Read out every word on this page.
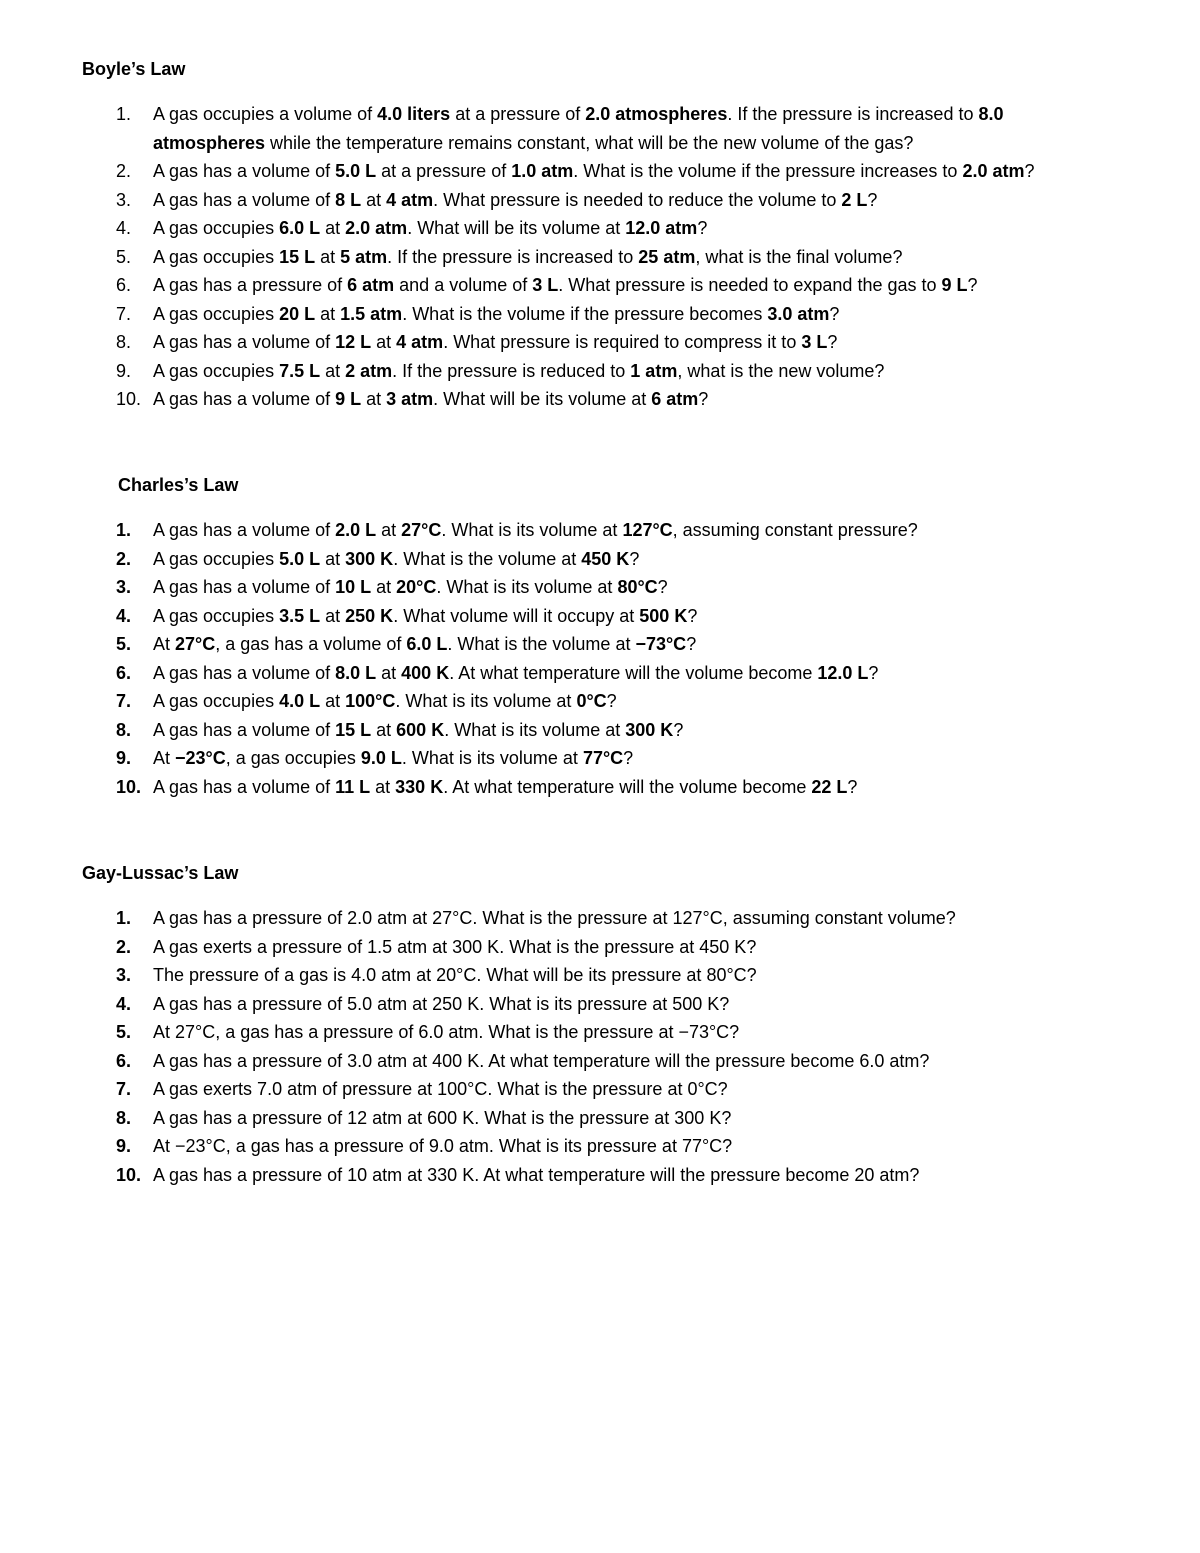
Boyle’s Law
1.	A gas occupies a volume of 4.0 liters at a pressure of 2.0 atmospheres. If the pressure is increased to 8.0
atmospheres while the temperature remains constant, what will be the new volume of the gas?
2.	A gas has a volume of 5.0 L at a pressure of 1.0 atm. What is the volume if the pressure increases to 2.0 atm?
3.	A gas has a volume of 8 L at 4 atm. What pressure is needed to reduce the volume to 2 L?
4.	A gas occupies 6.0 L at 2.0 atm. What will be its volume at 12.0 atm?
5.	A gas occupies 15 L at 5 atm. If the pressure is increased to 25 atm, what is the final volume?
6.	A gas has a pressure of 6 atm and a volume of 3 L. What pressure is needed to expand the gas to 9 L?
7.	A gas occupies 20 L at 1.5 atm. What is the volume if the pressure becomes 3.0 atm?
8.	A gas has a volume of 12 L at 4 atm. What pressure is required to compress it to 3 L?
9.	A gas occupies 7.5 L at 2 atm. If the pressure is reduced to 1 atm, what is the new volume?
10. A gas has a volume of 9 L at 3 atm. What will be its volume at 6 atm?
Charles’s Law
1.	A gas has a volume of 2.0 L at 27°C. What is its volume at 127°C, assuming constant pressure?
2.	A gas occupies 5.0 L at 300 K. What is the volume at 450 K?
3.	A gas has a volume of 10 L at 20°C. What is its volume at 80°C?
4.	A gas occupies 3.5 L at 250 K. What volume will it occupy at 500 K?
5.	At 27°C, a gas has a volume of 6.0 L. What is the volume at −73°C?
6.	A gas has a volume of 8.0 L at 400 K. At what temperature will the volume become 12.0 L?
7.	A gas occupies 4.0 L at 100°C. What is its volume at 0°C?
8.	A gas has a volume of 15 L at 600 K. What is its volume at 300 K?
9.	At −23°C, a gas occupies 9.0 L. What is its volume at 77°C?
10. A gas has a volume of 11 L at 330 K. At what temperature will the volume become 22 L?
Gay-Lussac’s Law
1.	A gas has a pressure of 2.0 atm at 27°C. What is the pressure at 127°C, assuming constant volume?
2.	A gas exerts a pressure of 1.5 atm at 300 K. What is the pressure at 450 K?
3.	The pressure of a gas is 4.0 atm at 20°C. What will be its pressure at 80°C?
4.	A gas has a pressure of 5.0 atm at 250 K. What is its pressure at 500 K?
5.	At 27°C, a gas has a pressure of 6.0 atm. What is the pressure at −73°C?
6.	A gas has a pressure of 3.0 atm at 400 K. At what temperature will the pressure become 6.0 atm?
7.	A gas exerts 7.0 atm of pressure at 100°C. What is the pressure at 0°C?
8.	A gas has a pressure of 12 atm at 600 K. What is the pressure at 300 K?
9.	At −23°C, a gas has a pressure of 9.0 atm. What is its pressure at 77°C?
10. A gas has a pressure of 10 atm at 330 K. At what temperature will the pressure become 20 atm?
